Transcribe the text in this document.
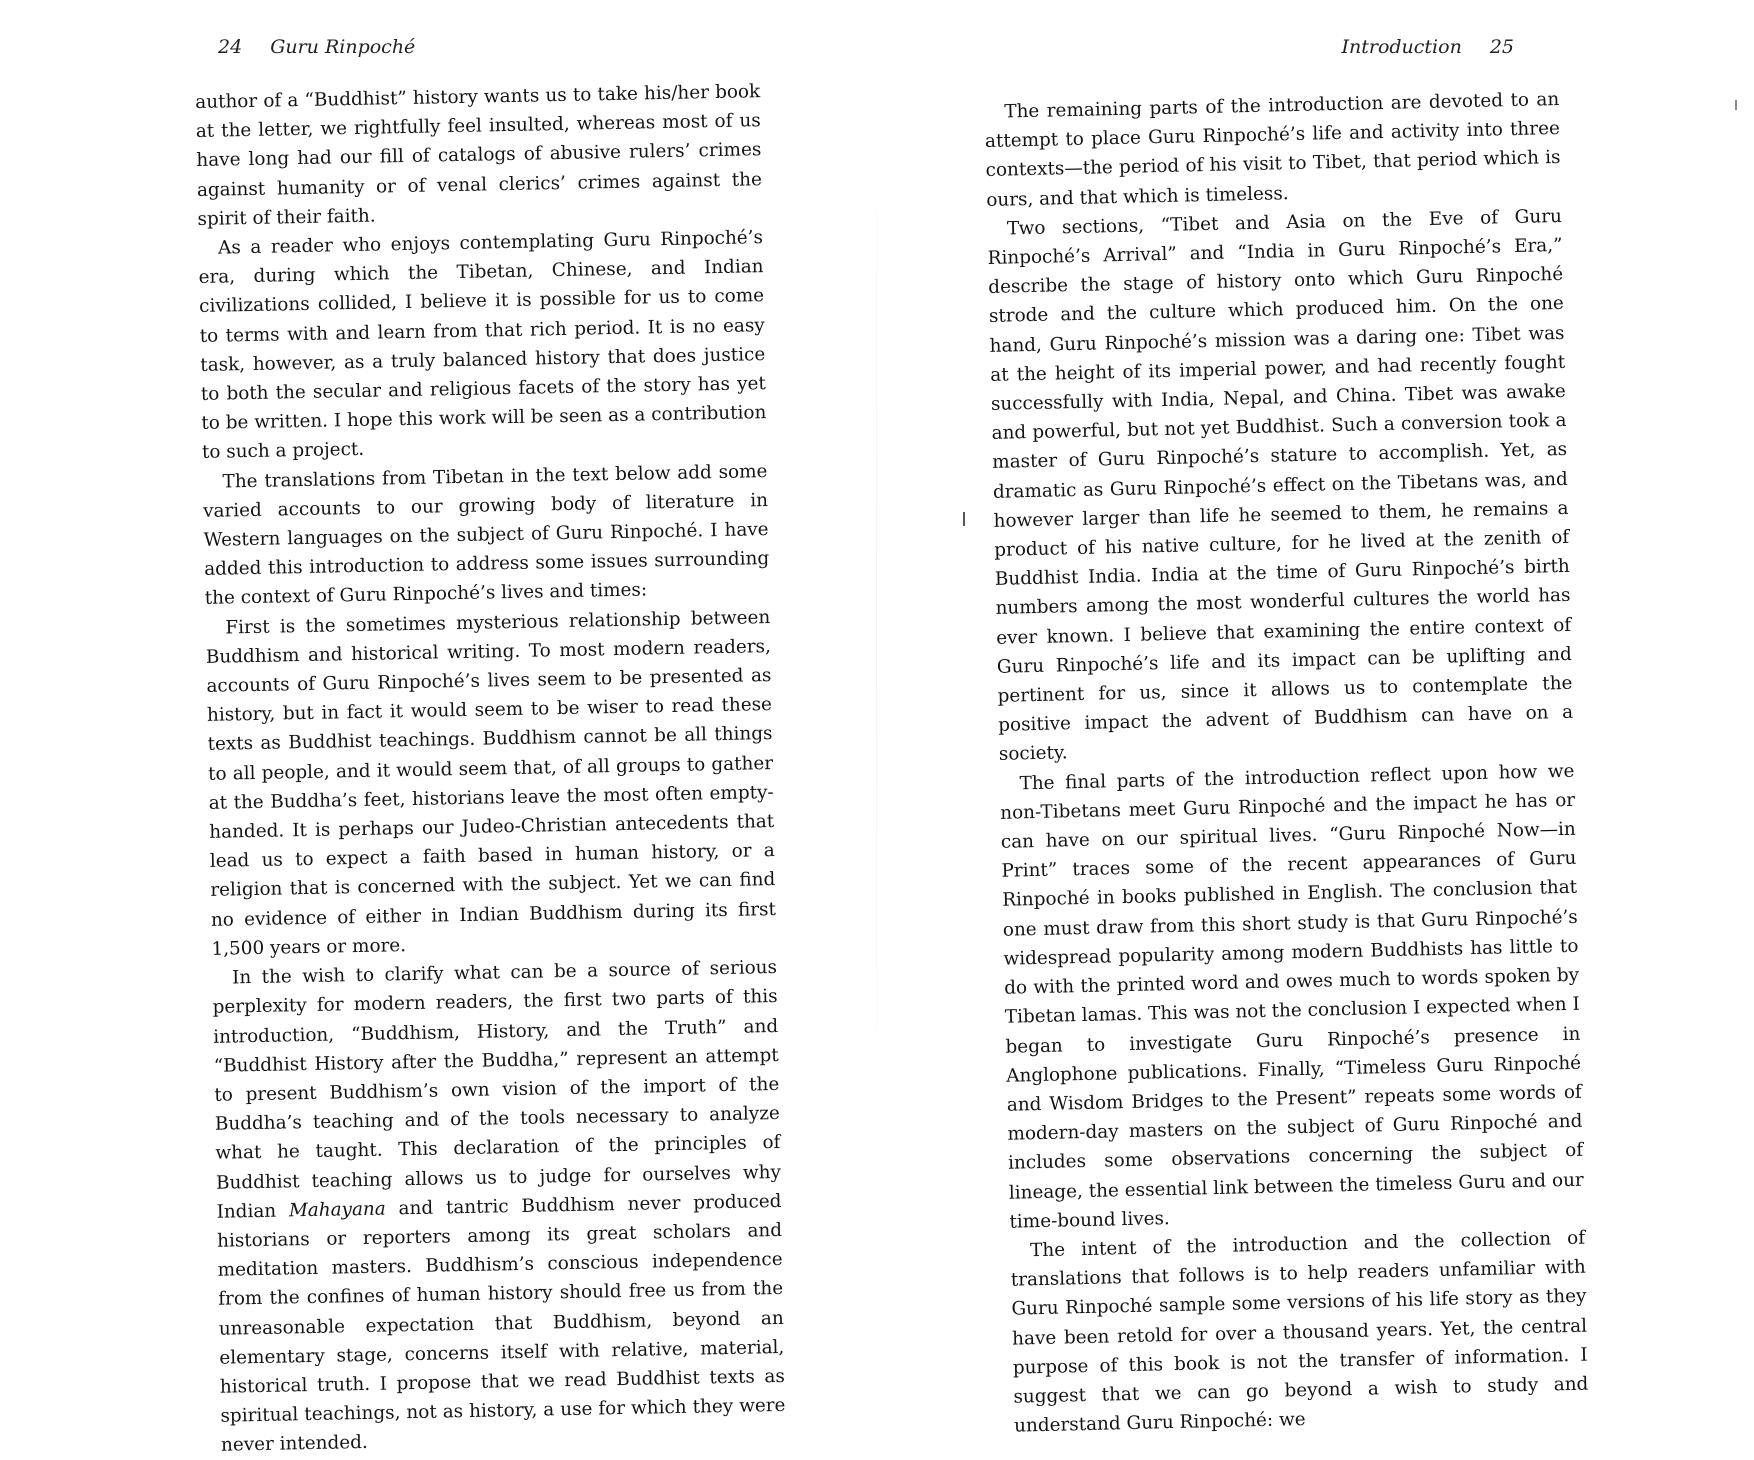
24 Guru Rinpoché

author of a “Buddhist” history wants us to take his/her book at the letter, we rightfully feel insulted, whereas most of us have long had our fill of catalogs of abusive rulers’ crimes against humanity or of venal clerics’ crimes against the spirit of their faith.

As a reader who enjoys contemplating Guru Rinpoché’s era, during which the Tibetan, Chinese, and Indian civilizations collided, I believe it is possible for us to come to terms with and learn from that rich period. It is no easy task, however, as a truly balanced history that does justice to both the secular and religious facets of the story has yet to be written. I hope this work will be seen as a contribution to such a project.

The translations from Tibetan in the text below add some varied accounts to our growing body of literature in Western languages on the subject of Guru Rinpoché. I have added this introduction to address some issues surrounding the context of Guru Rinpoché’s lives and times:

First is the sometimes mysterious relationship between Buddhism and historical writing. To most modern readers, accounts of Guru Rinpoché’s lives seem to be presented as history, but in fact it would seem to be wiser to read these texts as Buddhist teachings. Buddhism cannot be all things to all people, and it would seem that, of all groups to gather at the Buddha’s feet, historians leave the most often empty-handed. It is perhaps our Judeo-Christian antecedents that lead us to expect a faith based in human history, or a religion that is concerned with the subject. Yet we can find no evidence of either in Indian Buddhism during its first 1,500 years or more.

In the wish to clarify what can be a source of serious perplexity for modern readers, the first two parts of this introduction, “Buddhism, History, and the Truth” and “Buddhist History after the Buddha,” represent an attempt to present Buddhism’s own vision of the import of the Buddha’s teaching and of the tools necessary to analyze what he taught. This declaration of the principles of Buddhist teaching allows us to judge for ourselves why Indian Mahayana and tantric Buddhism never produced historians or reporters among its great scholars and meditation masters. Buddhism’s conscious independence from the confines of human history should free us from the unreasonable expectation that Buddhism, beyond an elementary stage, concerns itself with relative, material, historical truth. I propose that we read Buddhist texts as spiritual teachings, not as history, a use for which they were never intended.

Introduction 25

The remaining parts of the introduction are devoted to an attempt to place Guru Rinpoché’s life and activity into three contexts—the period of his visit to Tibet, that period which is ours, and that which is timeless.

Two sections, “Tibet and Asia on the Eve of Guru Rinpoché’s Arrival” and “India in Guru Rinpoché’s Era,” describe the stage of history onto which Guru Rinpoché strode and the culture which produced him. On the one hand, Guru Rinpoché’s mission was a daring one: Tibet was at the height of its imperial power, and had recently fought successfully with India, Nepal, and China. Tibet was awake and powerful, but not yet Buddhist. Such a conversion took a master of Guru Rinpoché’s stature to accomplish. Yet, as dramatic as Guru Rinpoché’s effect on the Tibetans was, and however larger than life he seemed to them, he remains a product of his native culture, for he lived at the zenith of Buddhist India. India at the time of Guru Rinpoché’s birth numbers among the most wonderful cultures the world has ever known. I believe that examining the entire context of Guru Rinpoché’s life and its impact can be uplifting and pertinent for us, since it allows us to contemplate the positive impact the advent of Buddhism can have on a society.

The final parts of the introduction reflect upon how we non-Tibetans meet Guru Rinpoché and the impact he has or can have on our spiritual lives. “Guru Rinpoché Now—in Print” traces some of the recent appearances of Guru Rinpoché in books published in English. The conclusion that one must draw from this short study is that Guru Rinpoché’s widespread popularity among modern Buddhists has little to do with the printed word and owes much to words spoken by Tibetan lamas. This was not the conclusion I expected when I began to investigate Guru Rinpoché’s presence in Anglophone publications. Finally, “Timeless Guru Rinpoché and Wisdom Bridges to the Present” repeats some words of modern-day masters on the subject of Guru Rinpoché and includes some observations concerning the subject of lineage, the essential link between the timeless Guru and our time-bound lives.

The intent of the introduction and the collection of translations that follows is to help readers unfamiliar with Guru Rinpoché sample some versions of his life story as they have been retold for over a thousand years. Yet, the central purpose of this book is not the transfer of information. I suggest that we can go beyond a wish to study and understand Guru Rinpoché: we
